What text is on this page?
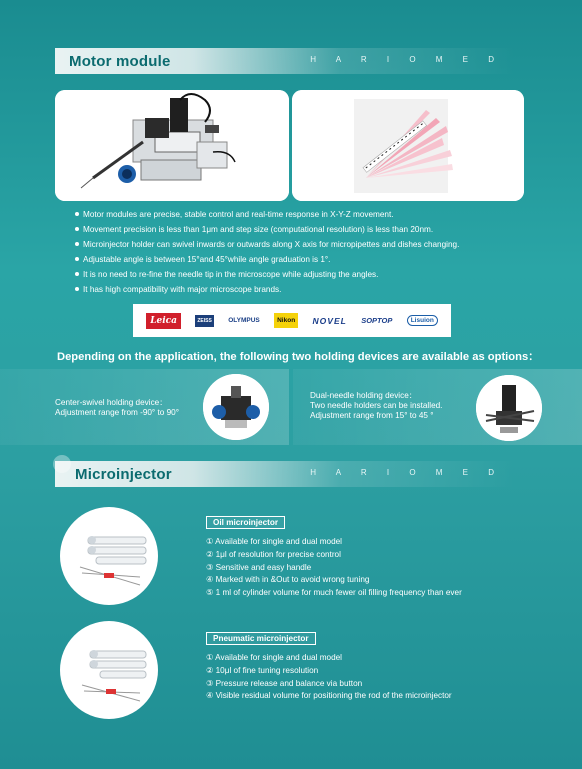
Motor module	H A R I O M E D
Motor modules are precise, stable control and real-time response in X-Y-Z movement.
Movement precision is less than 1μm and step size (computational resolution) is less than 20nm.
Microinjector holder can swivel inwards or outwards along X axis for micropipettes and dishes changing.
Adjustable angle is between 15°and 45°while angle graduation is 1°.
It is no need to re-fine the needle tip in the microscope while adjusting the angles.
It has high compatibility with major microscope brands.
Leica	ZEISS	OLYMPUS	Nikon	NOVEL SOPTOP	Lisuion
Depending on the application, the following two holding devices are available as options：
Center-swivel holding device：
Adjustment range from -90° to 90°
Dual-needle holding device：
Two needle holders can be installed.
Adjustment range from 15° to 45 °
Microinjector	H A R I O M E D
Oil microinjector
① Available for single and dual model
② 1μl of resolution for precise control
③ Sensitive and easy handle
④ Marked with in &Out to avoid wrong tuning
⑤ 1 ml of cylinder volume for much fewer oil filling frequency than ever
Pneumatic microinjector
① Available for single and dual model
② 10μl of fine tuning resolution
③ Pressure release and balance via button
④ Visible residual volume for positioning the rod of the microinjector
